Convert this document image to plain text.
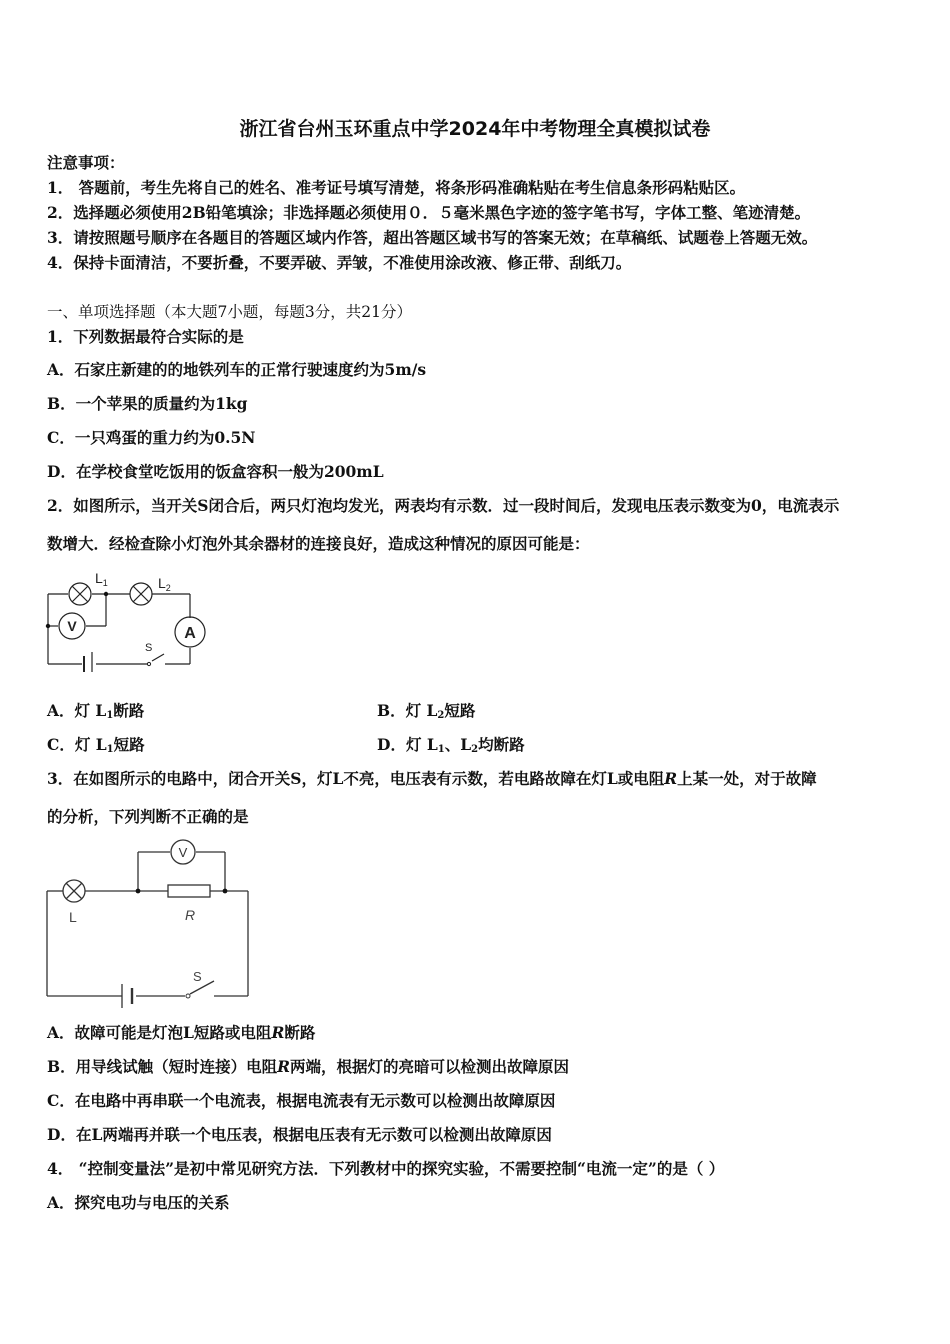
浙江省台州玉环重点中学2024年中考物理全真模拟试卷
注意事项：
1． 答题前，考生先将自己的姓名、准考证号填写清楚，将条形码准确粘贴在考生信息条形码粘贴区。
2．选择题必须使用2B铅笔填涂；非选择题必须使用０．５毫米黑色字迹的签字笔书写，字体工整、笔迹清楚。
3．请按照题号顺序在各题目的答题区域内作答，超出答题区域书写的答案无效；在草稿纸、试题卷上答题无效。
4．保持卡面清洁，不要折叠，不要弄破、弄皱，不准使用涂改液、修正带、刮纸刀。
一、单项选择题（本大题7小题，每题3分，共21分）
1．下列数据最符合实际的是
A．石家庄新建的的地铁列车的正常行驶速度约为5m/s
B．一个苹果的质量约为1kg
C．一只鸡蛋的重力约为0.5N
D．在学校食堂吃饭用的饭盒容积一般为200mL
2．如图所示，当开关S闭合后，两只灯泡均发光，两表均有示数．过一段时间后，发现电压表示数变为0，电流表示
数增大．经检查除小灯泡外其余器材的连接良好，造成这种情况的原因可能是：
$L_1$	$L_2$
V	A
S
A．灯 $L_1$断路	B．灯 $L_2$短路
C．灯 $L_1$短路	D．灯 $L_1$、$L_2$均断路
3．在如图所示的电路中，闭合开关S，灯L不亮，电压表有示数，若电路故障在灯L或电阻R上某一处，对于故障
的分析，下列判断不正确的是
V
L	R
S
A．故障可能是灯泡L短路或电阻R断路
B．用导线试触（短时连接）电阻R两端，根据灯的亮暗可以检测出故障原因
C．在电路中再串联一个电流表，根据电流表有无示数可以检测出故障原因
D．在L两端再并联一个电压表，根据电压表有无示数可以检测出故障原因
4． “控制变量法”是初中常见研究方法．下列教材中的探究实验，不需要控制“电流一定”的是（ ）
A．探究电功与电压的关系
